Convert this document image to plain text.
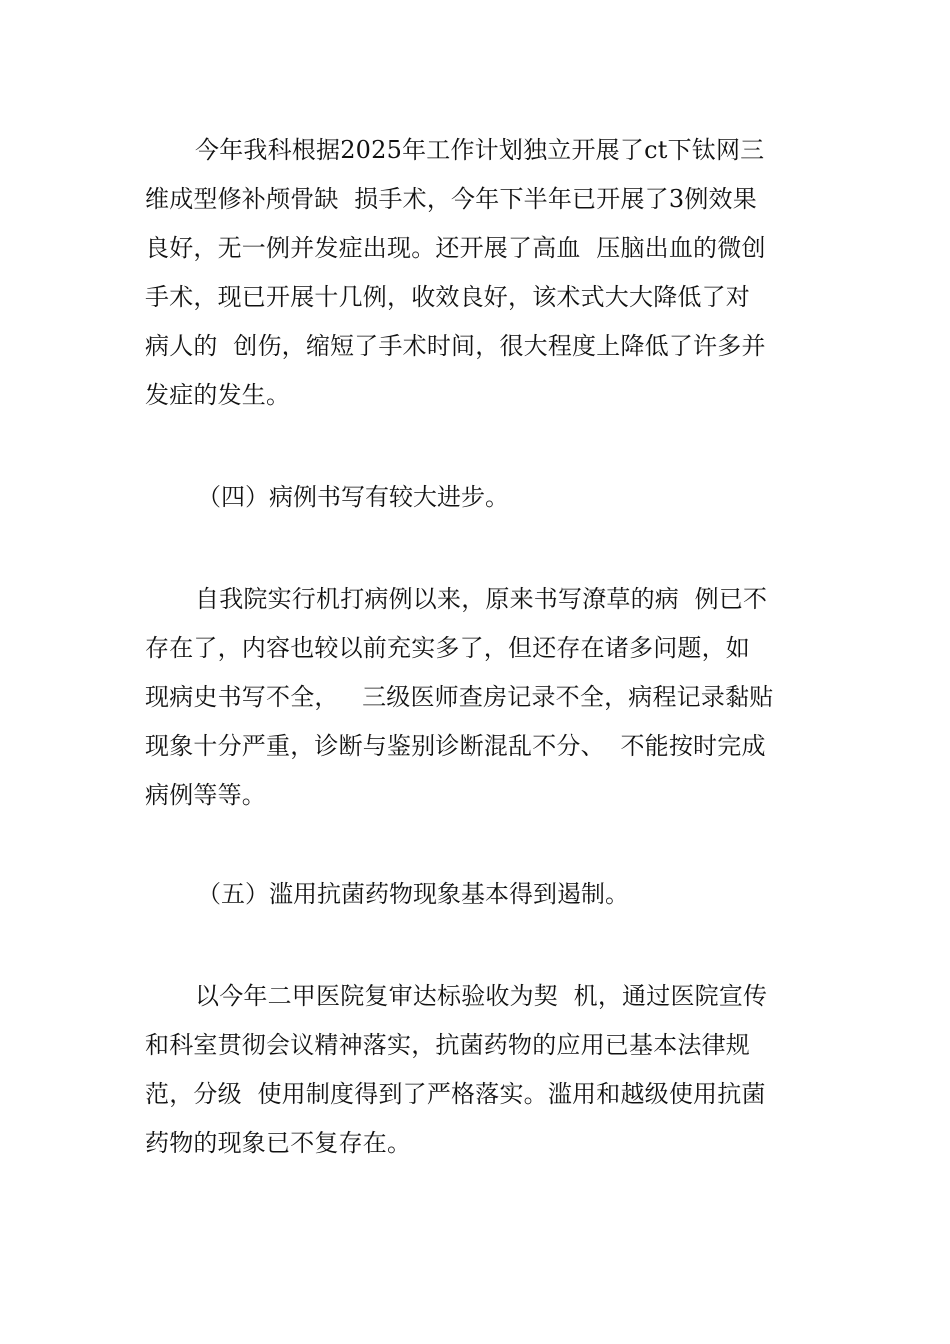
今年我科根据2025年工作计划独立开展了ct下钛网三
维成型修补颅骨缺  损手术，今年下半年已开展了3例效果
良好，无一例并发症出现。还开展了高血  压脑出血的微创
手术，现已开展十几例，收效良好，该术式大大降低了对
病人的  创伤，缩短了手术时间，很大程度上降低了许多并
发症的发生。

（四）病例书写有较大进步。

自我院实行机打病例以来，原来书写潦草的病  例已不
存在了，内容也较以前充实多了，但还存在诸多问题，如
现病史书写不全，   三级医师查房记录不全，病程记录黏贴
现象十分严重，诊断与鉴别诊断混乱不分、  不能按时完成
病例等等。

（五）滥用抗菌药物现象基本得到遏制。

以今年二甲医院复审达标验收为契  机，通过医院宣传
和科室贯彻会议精神落实，抗菌药物的应用已基本法律规
范，分级  使用制度得到了严格落实。滥用和越级使用抗菌
药物的现象已不复存在。
